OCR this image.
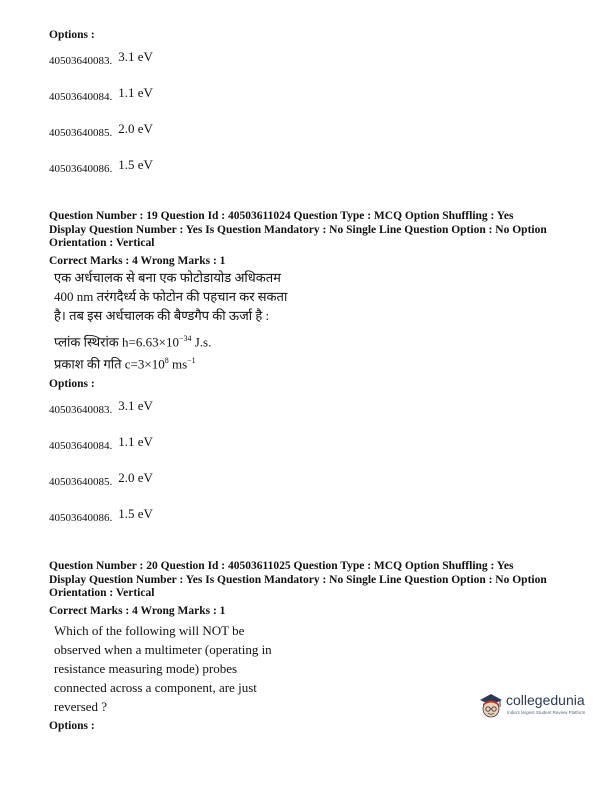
Options :
40503640083. 3.1 eV
40503640084. 1.1 eV
40503640085. 2.0 eV
40503640086. 1.5 eV
Question Number : 19 Question Id : 40503611024 Question Type : MCQ Option Shuffling : Yes
Display Question Number : Yes Is Question Mandatory : No Single Line Question Option : No Option
Orientation : Vertical
Correct Marks : 4 Wrong Marks : 1
एक अर्धचालक से बना एक फोटोडायोड अधिकतम
400 nm तरंगदैर्ध्य के फोटोन की पहचान कर सकता
है। तब इस अर्धचालक की बैण्डगैप की ऊर्जा है :
प्लांक स्थिरांक $h=6.63\times 10^{-34}$ J.s.
प्रकाश की गति $c=3\times 10^8$ $ms^{-1}$
Options :
40503640083. 3.1 eV
40503640084. 1.1 eV
40503640085. 2.0 eV
40503640086. 1.5 eV
Question Number : 20 Question Id : 40503611025 Question Type : MCQ Option Shuffling : Yes
Display Question Number : Yes Is Question Mandatory : No Single Line Question Option : No Option
Orientation : Vertical
Correct Marks : 4 Wrong Marks : 1
Which of the following will NOT be
observed when a multimeter (operating in
resistance measuring mode) probes
connected across a component, are just
reversed ?
Options :
collegedunia
India's largest Student Review Platform
